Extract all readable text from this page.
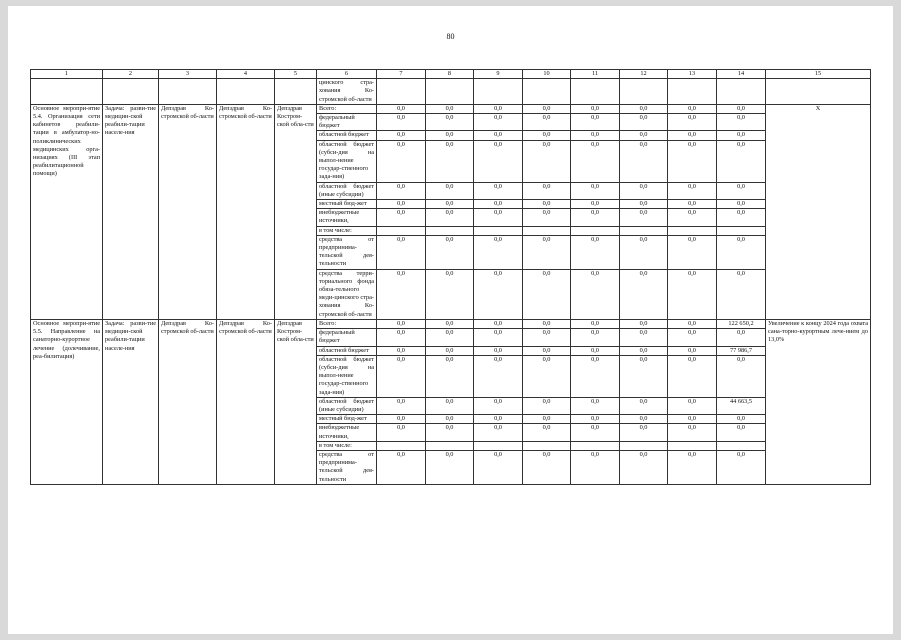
80
1	2	3	4	5	6	7	8	9	10	11	12	13	14	15
					цинского стра-хования Ко-стромской об-ласти									
Основное меропри-ятие 5.4. Организация сети кабинетов реабили-тации в амбулатор-но-поликлинических медицинских орга-низациях (III этап реабилитационной помощи)	Задача: разви-тие медицин-ской реабили-тации населе-ния	Депздрав Ко-стромской об-ласти	Депздрав Ко-стромской об-ласти	Депздрав Костром-ской обла-сти	Всего:	0,0	0,0	0,0	0,0	0,0	0,0	0,0	0,0	X
					федеральный бюджет	0,0	0,0	0,0	0,0	0,0	0,0	0,0	0,0	
					областной бюджет	0,0	0,0	0,0	0,0	0,0	0,0	0,0	0,0	
					областной бюджет (субси-дия на выпол-нение государ-ственного зада-ния)	0,0	0,0	0,0	0,0	0,0	0,0	0,0	0,0	
					областной бюджет (иные субсидии)	0,0	0,0	0,0	0,0	0,0	0,0	0,0	0,0	
					местный бюд-жет	0,0	0,0	0,0	0,0	0,0	0,0	0,0	0,0	
					внебюджетные источники,	0,0	0,0	0,0	0,0	0,0	0,0	0,0	0,0	
					в том числе:									
					средства от предпринима-тельской дея-тельности	0,0	0,0	0,0	0,0	0,0	0,0	0,0	0,0	
					средства терри-ториального фонда обяза-тельного меди-цинского стра-хования Ко-стромской об-ласти	0,0	0,0	0,0	0,0	0,0	0,0	0,0	0,0	
Основное меропри-ятие 5.5. Направление на санаторно-курортное лечение (долечивание, реа-билитация)	Задача: разви-тие медицин-ской реабили-тации населе-ния	Депздрав Ко-стромской об-ласти	Депздрав Ко-стромской об-ласти	Депздрав Костром-ской обла-сти	Всего:	0,0	0,0	0,0	0,0	0,0	0,0	0,0	122 650,2	Увеличение к концу 2024 года охвата сана-торно-курортным лече-нием до 13,0%
					федеральный бюджет	0,0	0,0	0,0	0,0	0,0	0,0	0,0	0,0	
					областной бюджет	0,0	0,0	0,0	0,0	0,0	0,0	0,0	77 986,7	
					областной бюджет (субси-дия на выпол-нение государ-ственного зада-ния)	0,0	0,0	0,0	0,0	0,0	0,0	0,0	0,0	
					областной бюджет (иные субсидии)	0,0	0,0	0,0	0,0	0,0	0,0	0,0	44 663,5	
					местный бюд-жет	0,0	0,0	0,0	0,0	0,0	0,0	0,0	0,0	
					внебюджетные источники,	0,0	0,0	0,0	0,0	0,0	0,0	0,0	0,0	
					в том числе:									
					средства от предпринима-тельской дея-тельности	0,0	0,0	0,0	0,0	0,0	0,0	0,0	0,0	
